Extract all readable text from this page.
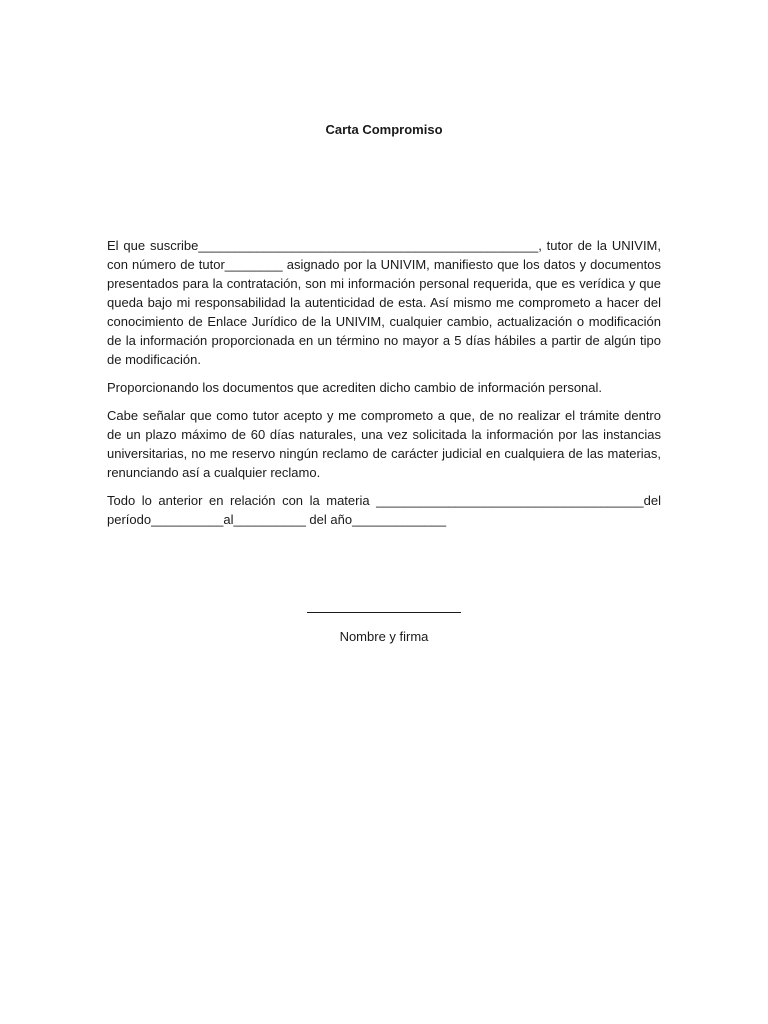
Carta Compromiso

El que suscribe_______________________________________________, tutor de la UNIVIM, con número de tutor________ asignado por la UNIVIM, manifiesto que los datos y documentos presentados para la contratación, son mi información personal requerida, que es verídica y que queda bajo mi responsabilidad la autenticidad de esta. Así mismo me comprometo a hacer del conocimiento de Enlace Jurídico de la UNIVIM, cualquier cambio, actualización o modificación de la información proporcionada en un término no mayor a 5 días hábiles a partir de algún tipo de modificación.

Proporcionando los documentos que acrediten dicho cambio de información personal.

Cabe señalar que como tutor acepto y me comprometo a que, de no realizar el trámite dentro de un plazo máximo de 60 días naturales, una vez solicitada la información por las instancias universitarias, no me reservo ningún reclamo de carácter judicial en cualquiera de las materias, renunciando así a cualquier reclamo.

Todo lo anterior en relación con la materia _____________________________________del período__________al__________ del año_____________

Nombre y firma
